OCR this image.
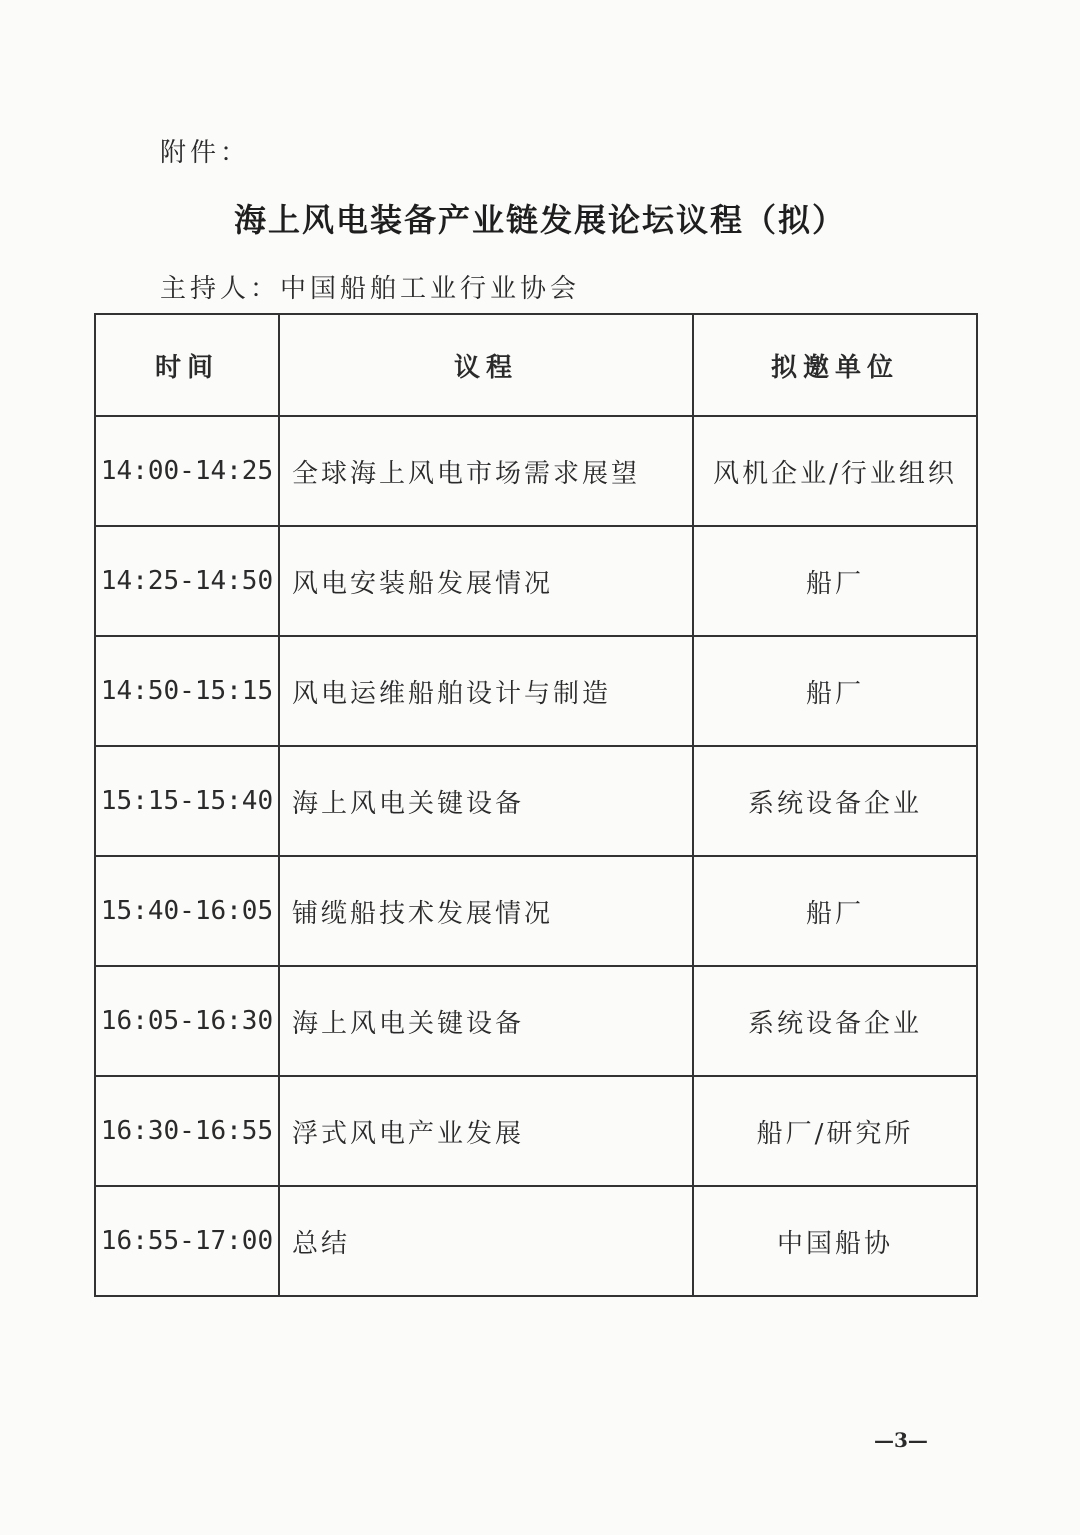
附件：
海上风电装备产业链发展论坛议程（拟）
主持人：中国船舶工业行业协会
时间	议程	拟邀单位
14:00-14:25	全球海上风电市场需求展望	风机企业/行业组织
14:25-14:50	风电安装船发展情况	船厂
14:50-15:15	风电运维船舶设计与制造	船厂
15:15-15:40	海上风电关键设备	系统设备企业
15:40-16:05	铺缆船技术发展情况	船厂
16:05-16:30	海上风电关键设备	系统设备企业
16:30-16:55	浮式风电产业发展	船厂/研究所
16:55-17:00	总结	中国船协
—3—
